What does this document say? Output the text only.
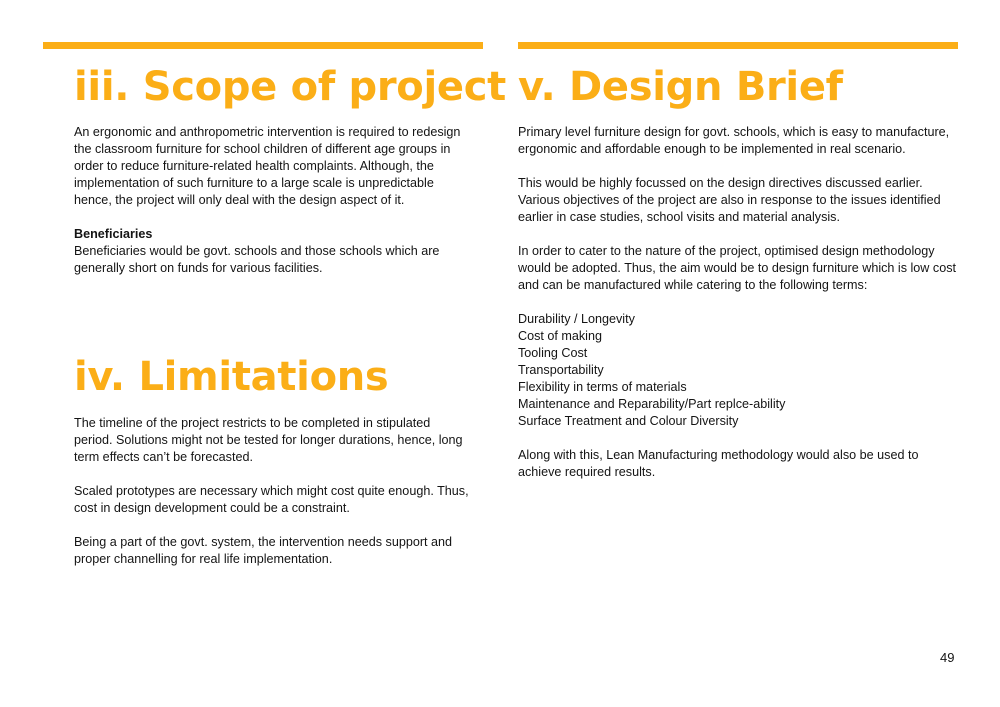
iii. Scope of project

An ergonomic and anthropometric intervention is required to redesign the classroom furniture for school children of different age groups in order to reduce furniture-related health complaints. Although, the implementation of such furniture to a large scale is unpredictable hence, the project will only deal with the design aspect of it.

Beneficiaries

Beneficiaries would be govt. schools and those schools which are generally short on funds for various facilities.

iv. Limitations

The timeline of the project restricts to be completed in stipulated period. Solutions might not be tested for longer durations, hence, long term effects can’t be forecasted.

Scaled prototypes are necessary which might cost quite enough. Thus, cost in design development could be a constraint.

Being a part of the govt. system, the intervention needs support and proper channelling for real life implementation.

v. Design Brief

Primary level furniture design for govt. schools, which is easy to manufacture, ergonomic and affordable enough to be implemented in real scenario.

This would be highly focussed on the design directives discussed earlier. Various objectives of the project are also in response to the issues identified earlier in case studies, school visits and material analysis.

In order to cater to the nature of the project, optimised design methodology would be adopted. Thus, the aim would be to design furniture which is low cost and can be manufactured while catering to the following terms:

Durability / Longevity
Cost of making
Tooling Cost
Transportability
Flexibility in terms of materials
Maintenance and Reparability/Part replce-ability
Surface Treatment and Colour Diversity

Along with this, Lean Manufacturing methodology would also be used to achieve required results.

49
